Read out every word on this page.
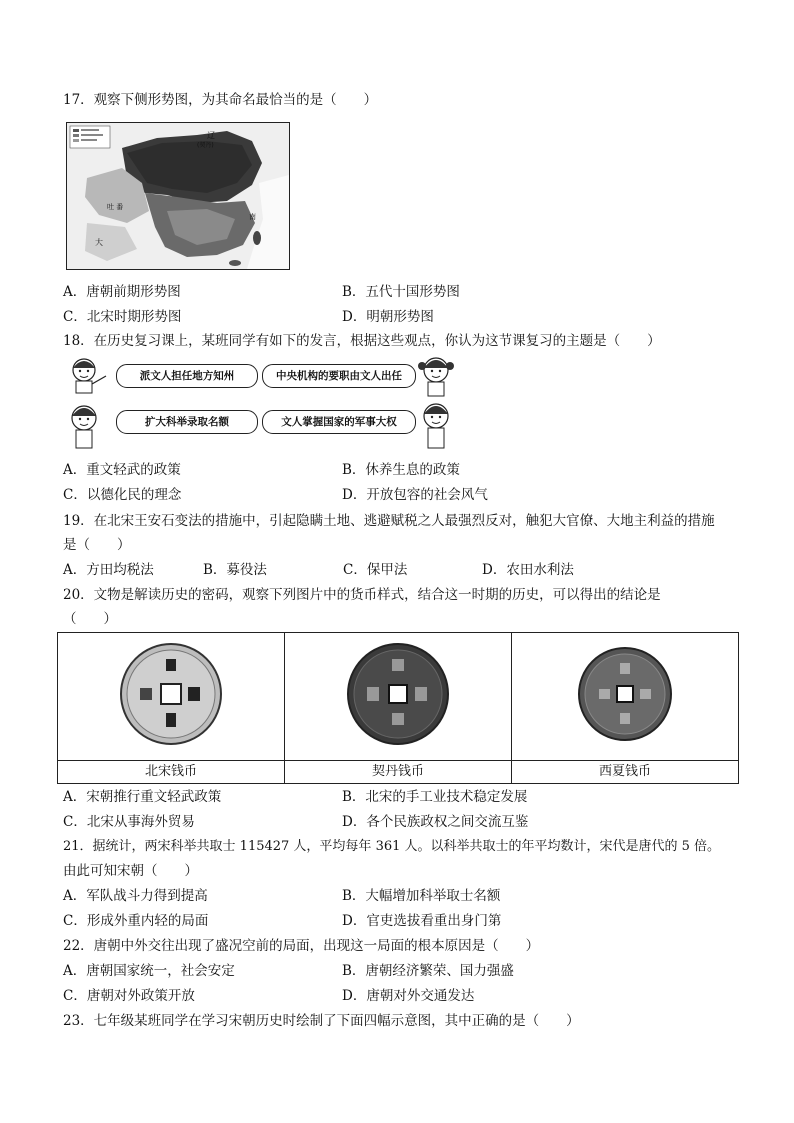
17．观察下侧形势图，为其命名最恰当的是（　　）
辽
(契丹)
大
南
吐 番
A．唐朝前期形势图	B．五代十国形势图
C．北宋时期形势图	D．明朝形势图
18．在历史复习课上，某班同学有如下的发言，根据这些观点，你认为这节课复习的主题是（　　）
派文人担任地方知州	中央机构的要职由文人出任
扩大科举录取名额	文人掌握国家的军事大权
A．重文轻武的政策	B．休养生息的政策
C．以德化民的理念	D．开放包容的社会风气
19．在北宋王安石变法的措施中，引起隐瞒土地、逃避赋税之人最强烈反对，触犯大官僚、大地主利益的措施
是（　　）
A．方田均税法	B．募役法	C．保甲法	D．农田水利法
20．文物是解读历史的密码，观察下列图片中的货币样式，结合这一时期的历史，可以得出的结论是
（　　）
北宋钱币	契丹钱币	西夏钱币
A．宋朝推行重文轻武政策	B．北宋的手工业技术稳定发展
C．北宋从事海外贸易	D．各个民族政权之间交流互鉴
21．据统计，两宋科举共取士 115427 人，平均每年 361 人。以科举共取士的年平均数计，宋代是唐代的 5 倍。
由此可知宋朝（　　）
A．军队战斗力得到提高	B．大幅增加科举取士名额
C．形成外重内轻的局面	D．官吏选拔看重出身门第
22．唐朝中外交往出现了盛况空前的局面，出现这一局面的根本原因是（　　）
A．唐朝国家统一，社会安定	B．唐朝经济繁荣、国力强盛
C．唐朝对外政策开放	D．唐朝对外交通发达
23．七年级某班同学在学习宋朝历史时绘制了下面四幅示意图，其中正确的是（　　）
